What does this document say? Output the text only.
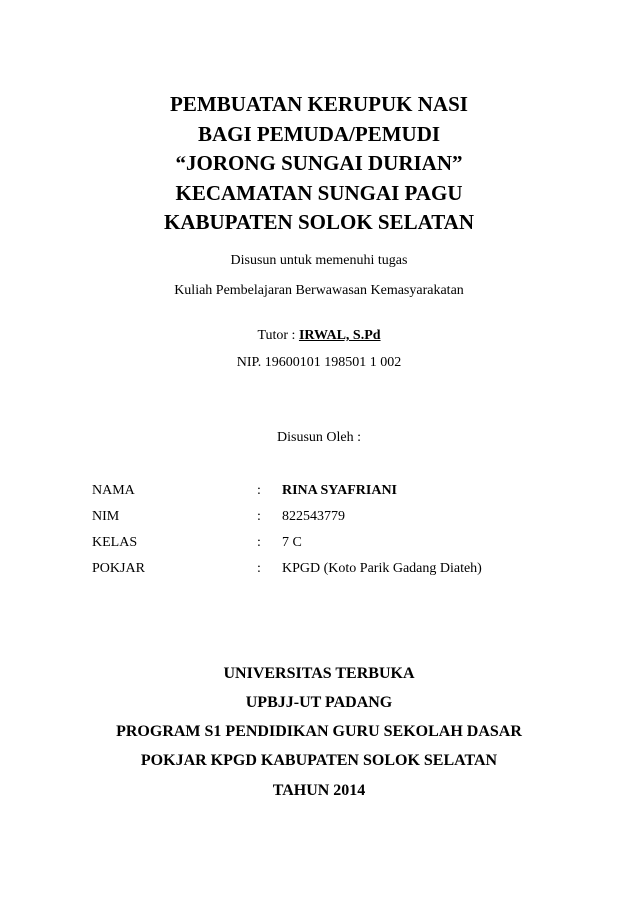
PEMBUATAN KERUPUK NASI
BAGI PEMUDA/PEMUDI
“JORONG SUNGAI DURIAN”
KECAMATAN SUNGAI PAGU
KABUPATEN SOLOK SELATAN
Disusun untuk memenuhi tugas
Kuliah Pembelajaran Berwawasan Kemasyarakatan
Tutor : IRWAL, S.Pd
NIP. 19600101 198501 1 002
Disusun Oleh :
NAMA	: RINA SYAFRIANI
NIM	: 822543779
KELAS	: 7 C
POKJAR	: KPGD (Koto Parik Gadang Diateh)
UNIVERSITAS TERBUKA
UPBJJ-UT PADANG
PROGRAM S1 PENDIDIKAN GURU SEKOLAH DASAR
POKJAR KPGD KABUPATEN SOLOK SELATAN
TAHUN 2014
